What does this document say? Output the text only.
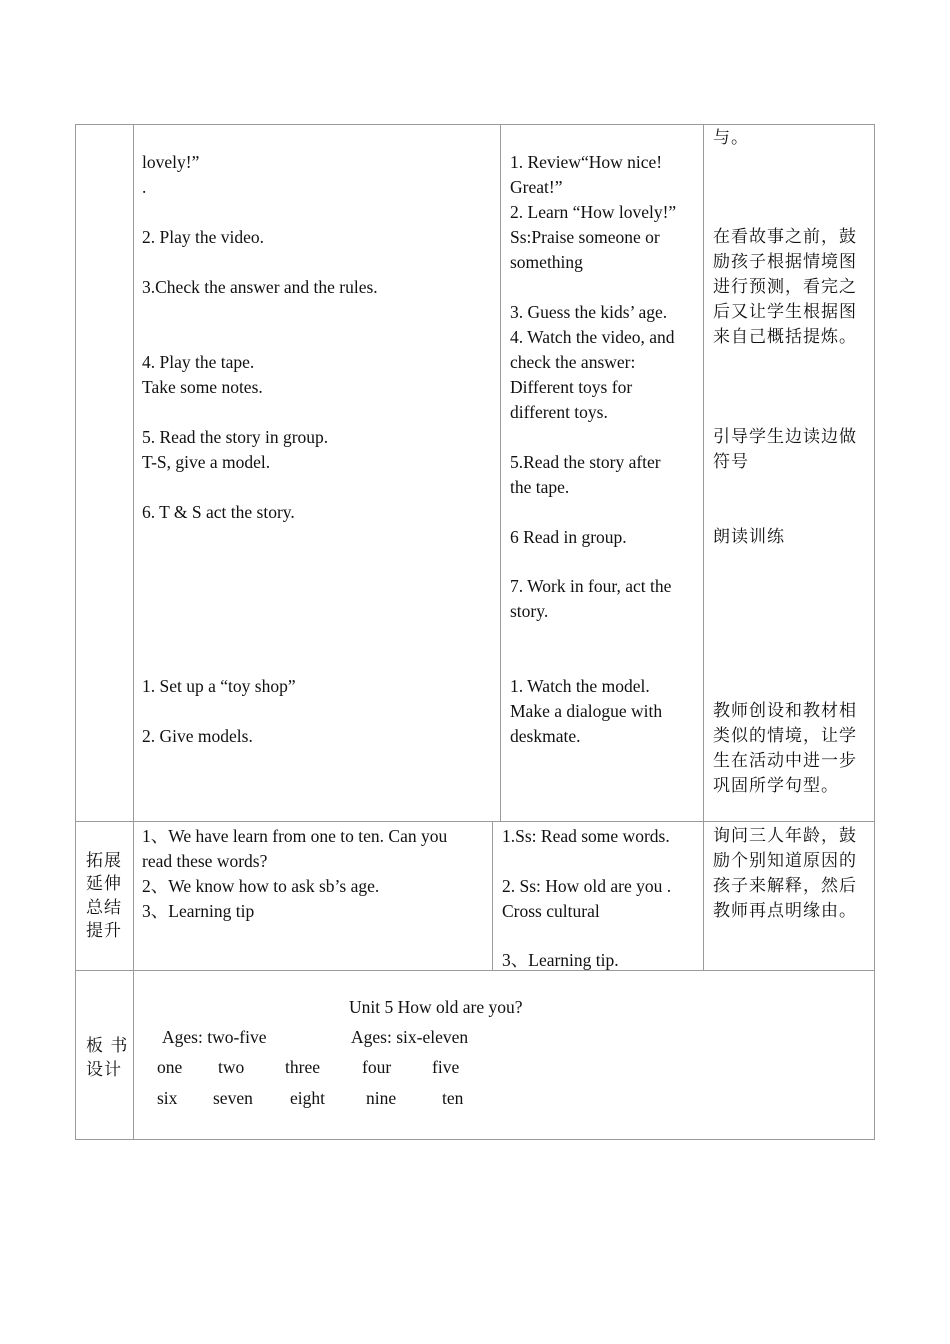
lovely!”
.
2. Play the video.
3.Check the answer and the rules.
4. Play the tape.
Take some notes.
5. Read the story in group.
T-S, give a model.
6. T & S act the story.
1. Set up a “toy shop”
2. Give models.
1. Review“How nice!
Great!”
2. Learn “How lovely!”
Ss:Praise someone or
something
3. Guess the kids’ age.
4. Watch the video, and
check the answer:
Different toys for
different toys.
5.Read the story after
the tape.
6 Read in group.
7. Work in four, act the
story.
1. Watch the model.
Make a dialogue with
deskmate.
与。
在看故事之前，鼓
励孩子根据情境图
进行预测，看完之
后又让学生根据图
来自己概括提炼。
引导学生边读边做
符号
朗读训练
教师创设和教材相
类似的情境，让学
生在活动中进一步
巩固所学句型。
拓展
延伸
总结
提升
1、We have learn from one to ten. Can you
read these words?
2、We know how to ask sb’s age.
3、Learning tip
1.Ss: Read some words.
2. Ss: How old are you .
Cross cultural
3、Learning tip.
询问三人年龄，鼓
励个别知道原因的
孩子来解释，然后
教师再点明缘由。
板 书
设计
Unit 5 How old are you?
Ages: two-five	Ages: six-eleven
one two three four five
six seven eight nine	ten
